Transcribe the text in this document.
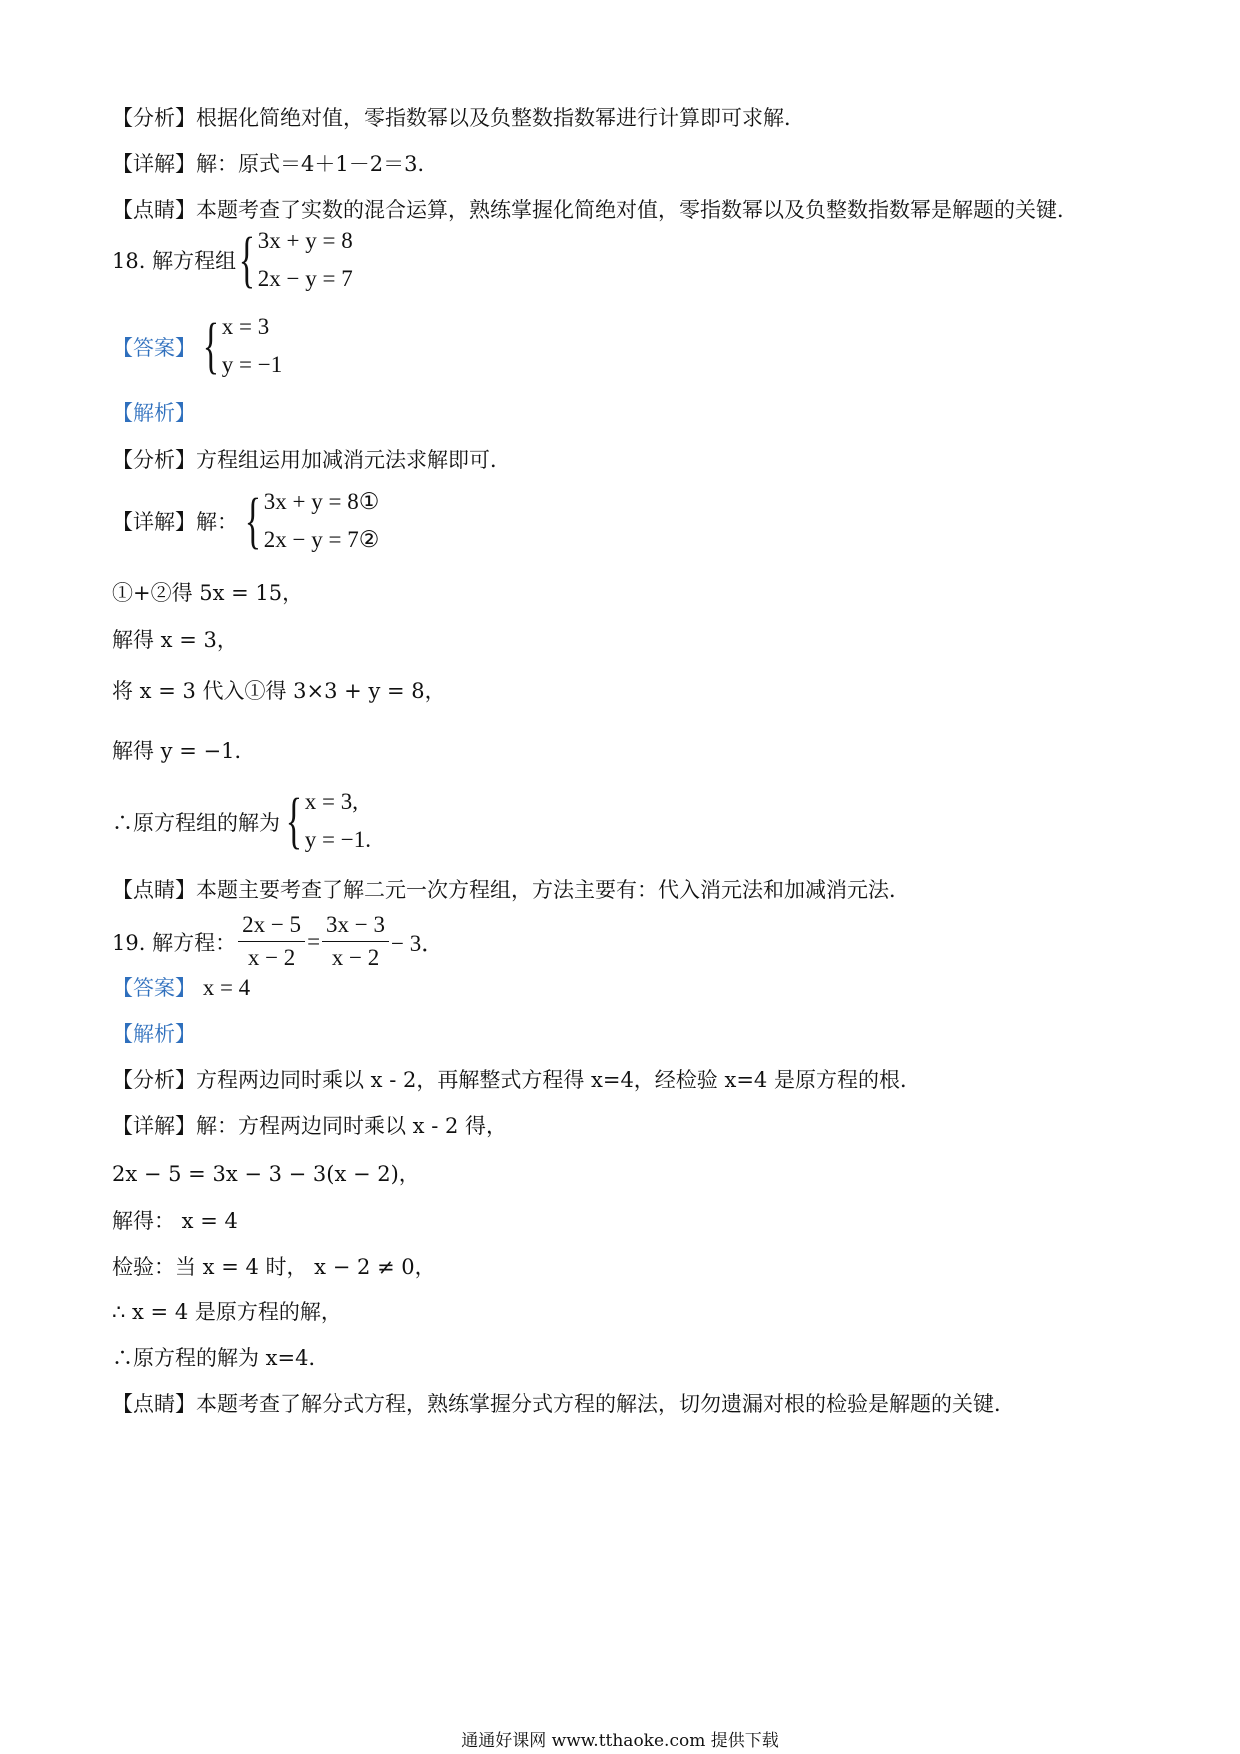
【分析】根据化简绝对值，零指数幂以及负整数指数幂进行计算即可求解．
【详解】解：原式＝4＋1－2＝3．
【点睛】本题考查了实数的混合运算，熟练掌握化简绝对值，零指数幂以及负整数指数幂是解题的关键．
18. 解方程组 { 3x + y = 8
2x − y = 7
【答案】 { x = 3
y = −1
【解析】
【分析】方程组运用加减消元法求解即可．
【详解】解： { 3x + y = 8①
2x − y = 7②
①+②得 5x = 15，
解得 x = 3，
将 x = 3 代入①得 3×3 + y = 8，
解得 y = −1．
∴原方程组的解为 { x = 3,
y = −1.
【点睛】本题主要考查了解二元一次方程组，方法主要有：代入消元法和加减消元法．
19. 解方程： $\frac{2x - 5}{x - 2} = \frac{3x - 3}{x - 2} - 3$．
【答案】 x = 4
【解析】
【分析】方程两边同时乘以 x - 2，再解整式方程得 x=4，经检验 x=4 是原方程的根．
【详解】解：方程两边同时乘以 x - 2 得，
2x − 5 = 3x − 3 − 3(x − 2)，
解得： x = 4
检验：当 x = 4 时， x − 2 ≠ 0，
∴ x = 4 是原方程的解，
∴原方程的解为 x=4．
【点睛】本题考查了解分式方程，熟练掌握分式方程的解法，切勿遗漏对根的检验是解题的关键．
通通好课网 www.tthaoke.com 提供下载
